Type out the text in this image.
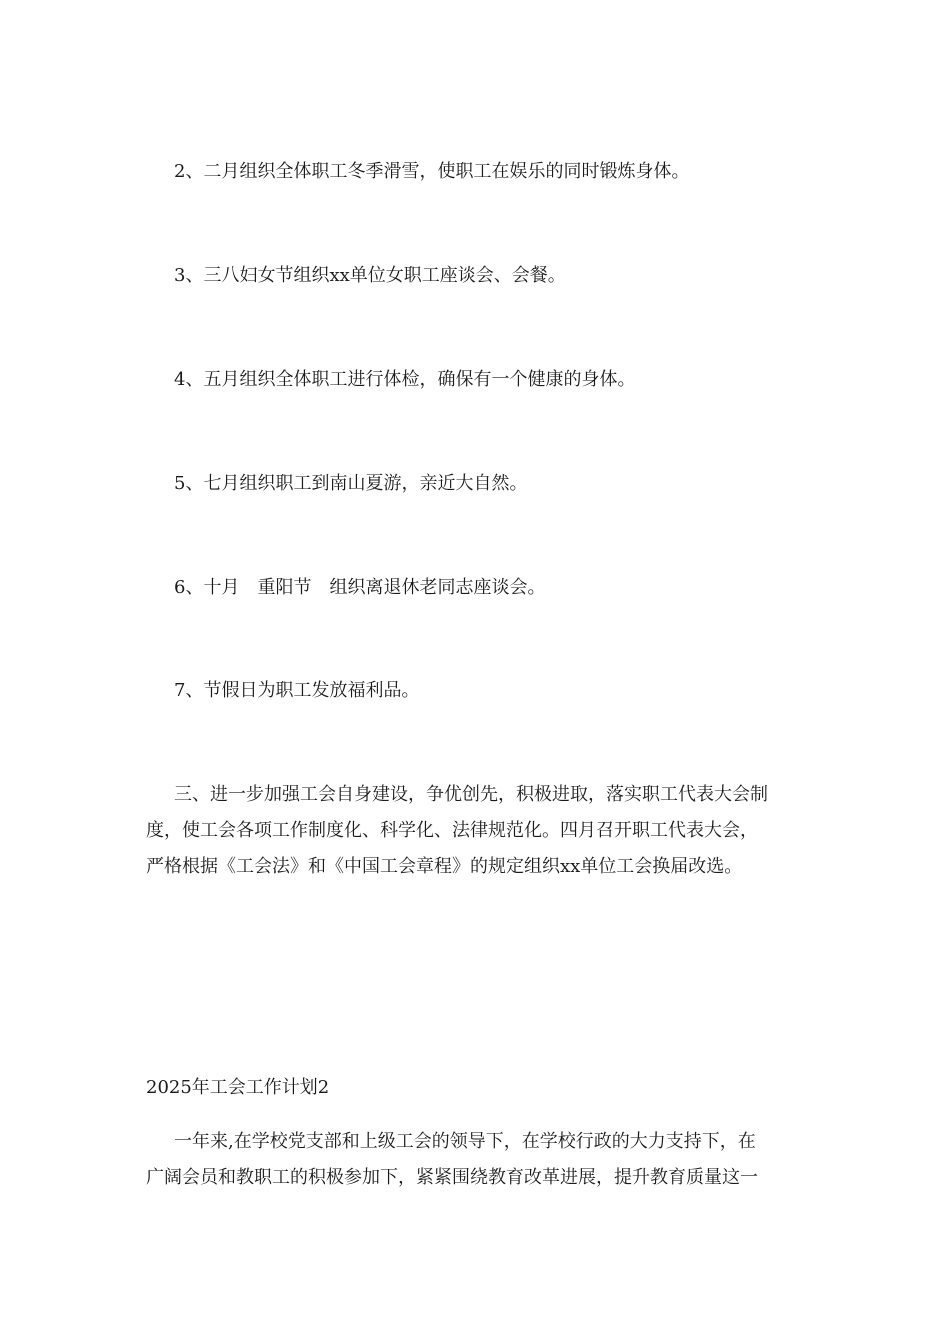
2、二月组织全体职工冬季滑雪，使职工在娱乐的同时锻炼身体。
3、三八妇女节组织xx单位女职工座谈会、会餐。
4、五月组织全体职工进行体检，确保有一个健康的身体。
5、七月组织职工到南山夏游，亲近大自然。
6、十月　重阳节　组织离退休老同志座谈会。
7、节假日为职工发放福利品。

三、进一步加强工会自身建设，争优创先，积极进取，落实职工代表大会制

度，使工会各项工作制度化、科学化、法律规范化。四月召开职工代表大会，

严格根据《工会法》和《中国工会章程》的规定组织xx单位工会换届改选。

2025年工会工作计划2

一年来,在学校党支部和上级工会的领导下，在学校行政的大力支持下，在

广阔会员和教职工的积极参加下，紧紧围绕教育改革进展，提升教育质量这一
